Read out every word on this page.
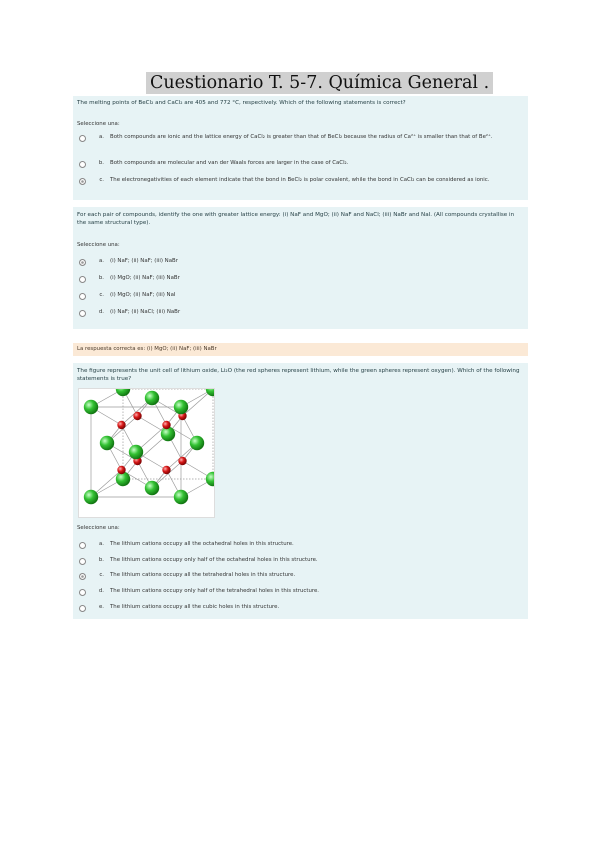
Cuestionario T. 5-7. Química General .
The melting points of BeCl₂ and CaCl₂ are 405 and 772 °C, respectively. Which of the following statements is correct?
Seleccione una:
a.	Both compounds are ionic and the lattice energy of CaCl₂ is greater than that of BeCl₂ because the radius of Ca²⁺ is smaller than that of Be²⁺.
b.	Both compounds are molecular and van der Waals forces are larger in the case of CaCl₂.
c.	The electronegativities of each element indicate that the bond in BeCl₂ is polar covalent, while the bond in CaCl₂ can be considered as ionic.
For each pair of compounds, identify the one with greater lattice energy: (i) NaF and MgO; (ii) NaF and NaCl; (iii) NaBr and NaI. (All compounds crystallise in the same structural type).
Seleccione una:
a.	(i) NaF; (ii) NaF; (iii) NaBr
b.	(i) MgO; (ii) NaF; (iii) NaBr
c.	(i) MgO; (ii) NaF; (iii) NaI
d.	(i) NaF; (ii) NaCl; (iii) NaBr
La respuesta correcta es: (i) MgO; (ii) NaF; (iii) NaBr
The figure represents the unit cell of lithium oxide, Li₂O (the red spheres represent lithium, while the green spheres represent oxygen). Which of the following statements is true?
Seleccione una:
a.	The lithium cations occupy all the octahedral holes in this structure.
b.	The lithium cations occupy only half of the octahedral holes in this structure.
c.	The lithium cations occupy all the tetrahedral holes in this structure.
d.	The lithium cations occupy only half of the tetrahedral holes in this structure.
e.	The lithium cations occupy all the cubic holes in this structure.
